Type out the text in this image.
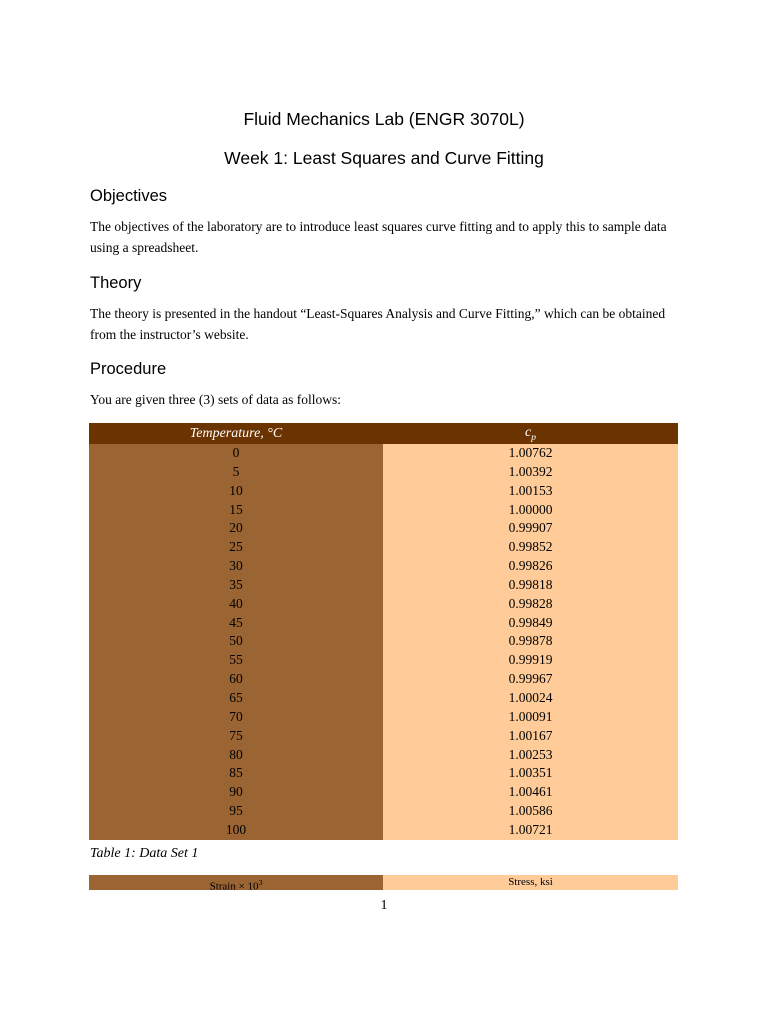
Fluid Mechanics Lab (ENGR 3070L)
Week 1: Least Squares and Curve Fitting
Objectives
The objectives of the laboratory are to introduce least squares curve fitting and to apply this to sample data using a spreadsheet.
Theory
The theory is presented in the handout “Least-Squares Analysis and Curve Fitting,” which can be obtained from the instructor’s website.
Procedure
You are given three (3) sets of data as follows:
Temperature, °C	$c_p$
0
5
10
15
20
25
30
35
40
45
50
55
60
65
70
75
80
85
90
95
100
1.00762
1.00392
1.00153
1.00000
0.99907
0.99852
0.99826
0.99818
0.99828
0.99849
0.99878
0.99919
0.99967
1.00024
1.00091
1.00167
1.00253
1.00351
1.00461
1.00586
1.00721
Table 1: Data Set 1
Strain × $10^3$	Stress, ksi
1
